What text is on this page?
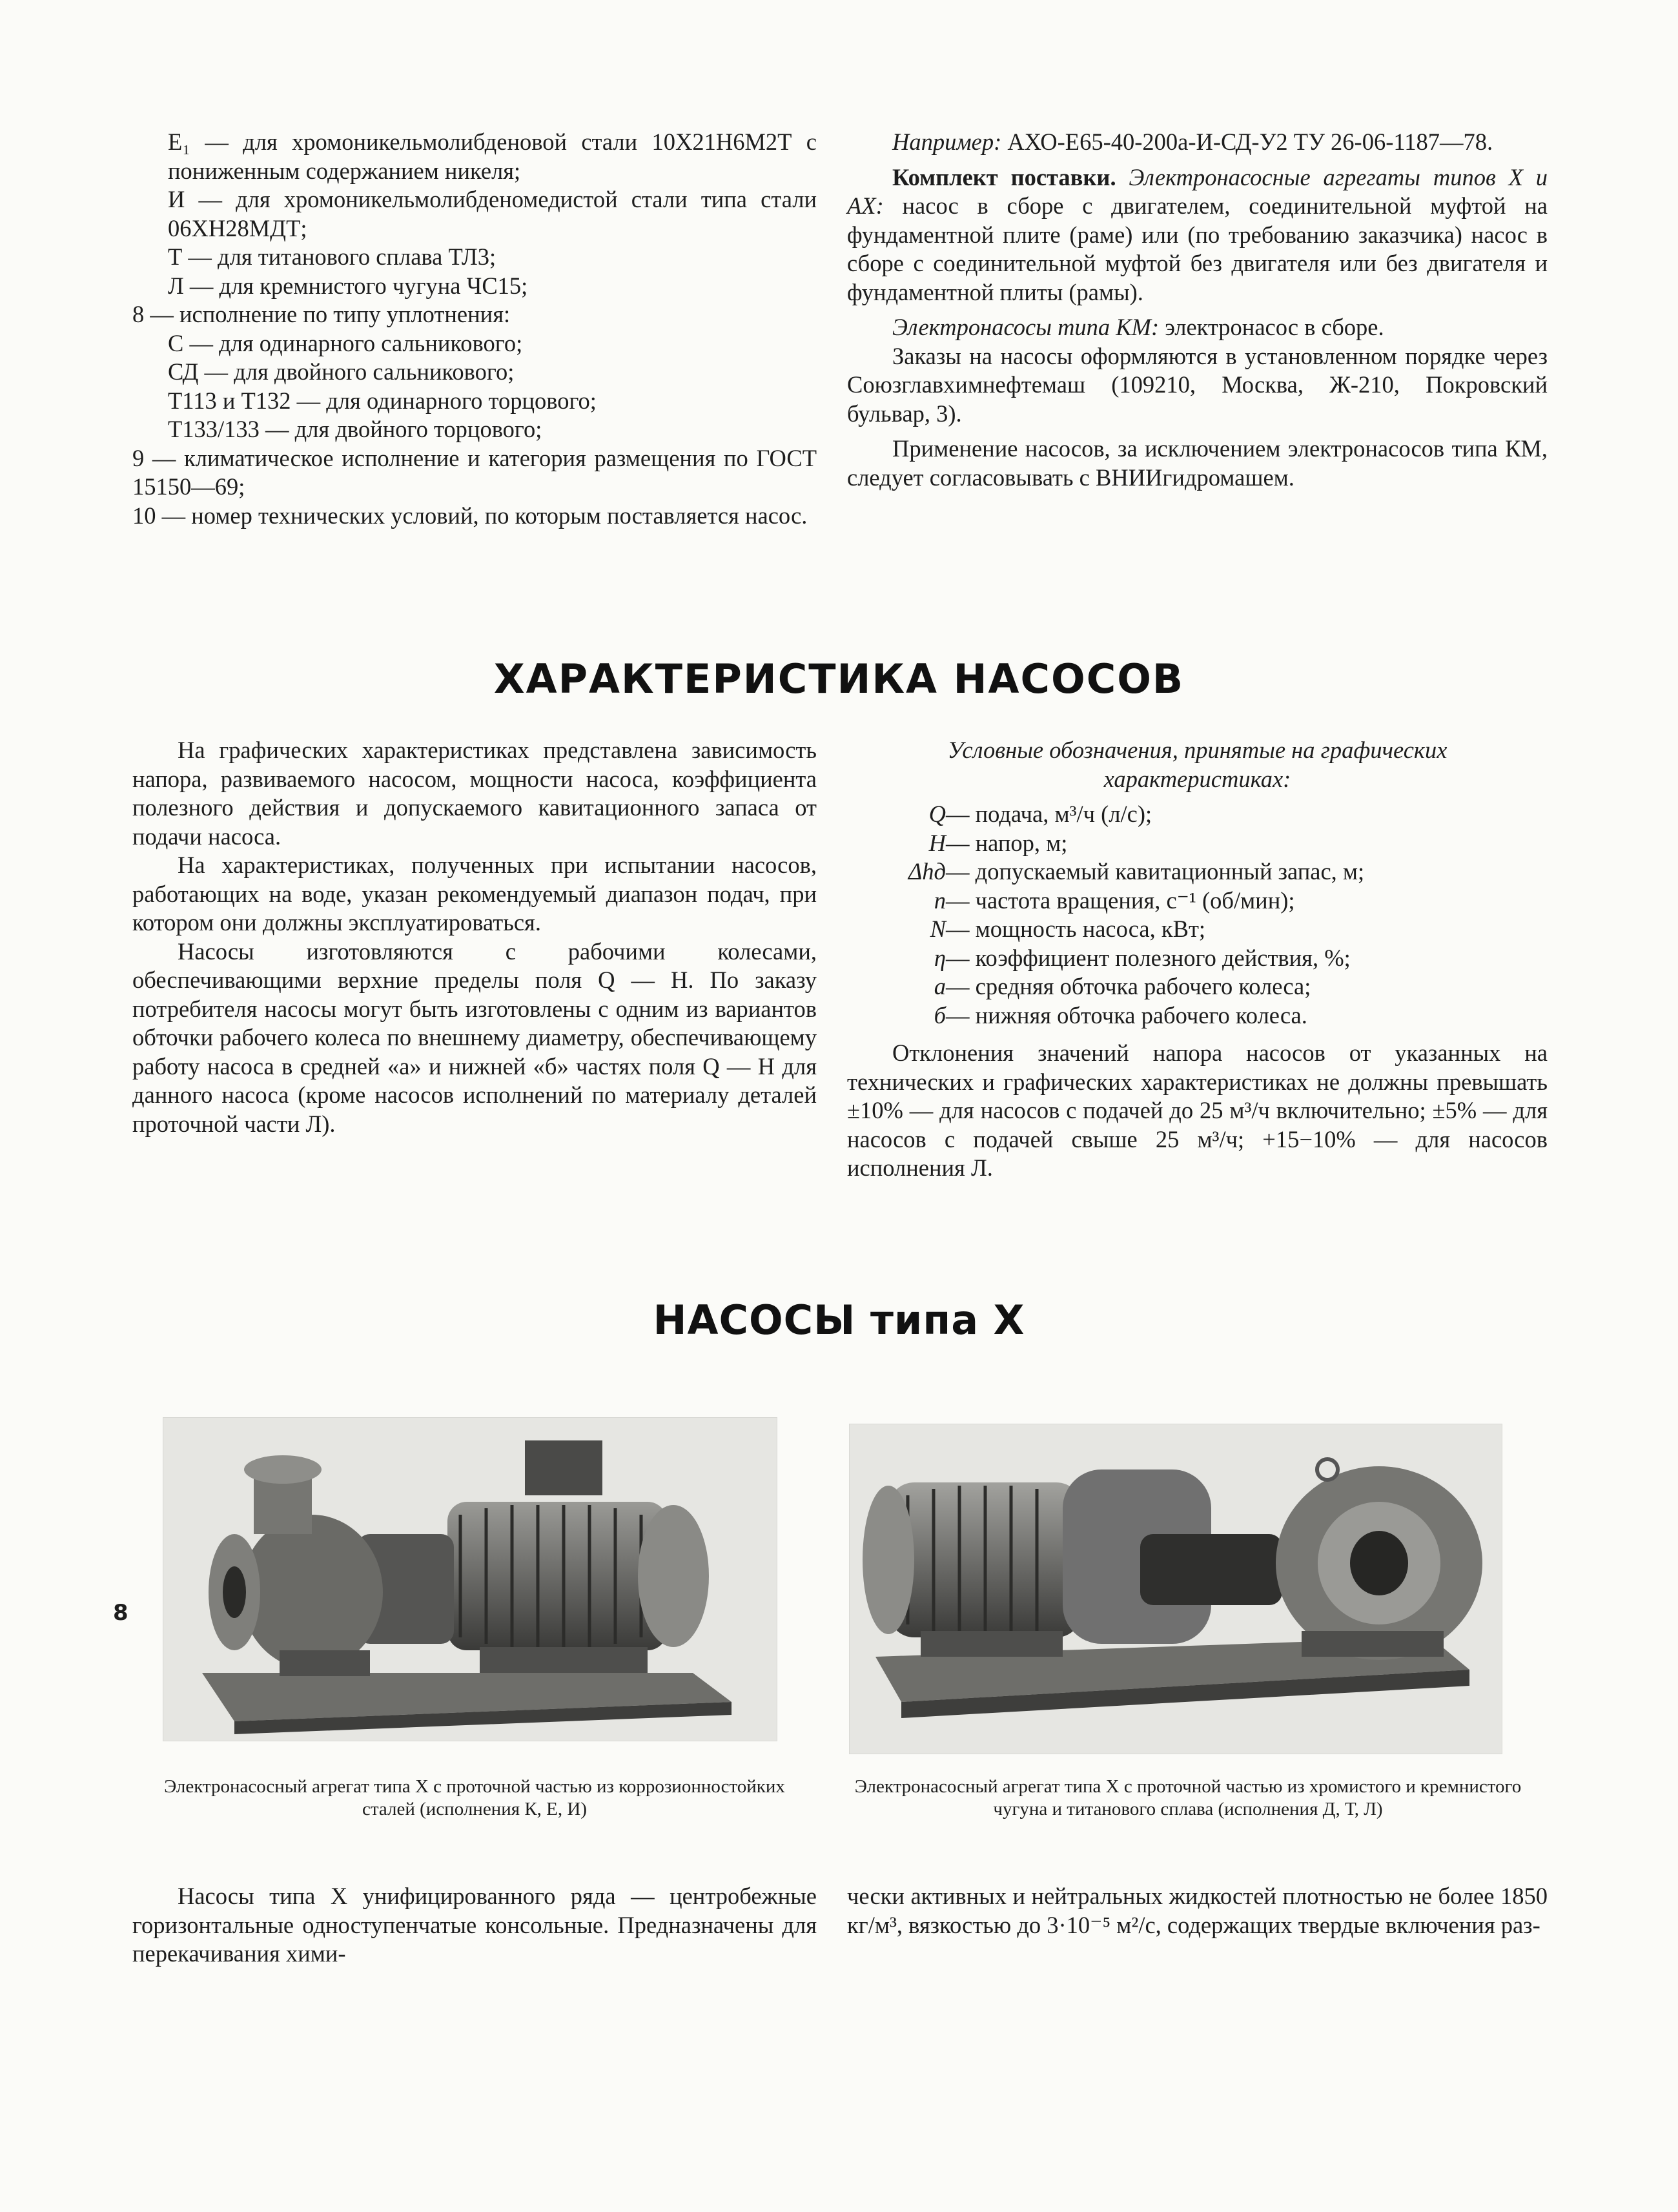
E₁ — для хромоникельмолибденовой стали 10Х21Н6М2Т с пониженным содержанием никеля;

И — для хромоникельмолибденомедистой стали типа стали 06ХН28МДТ;

Т — для титанового сплава ТЛ3;

Л — для кремнистого чугуна ЧС15;

8 — исполнение по типу уплотнения:

С — для одинарного сальникового;

СД — для двойного сальникового;

Т113 и Т132 — для одинарного торцового;

Т133/133 — для двойного торцового;

9 — климатическое исполнение и категория размещения по ГОСТ 15150—69;

10 — номер технических условий, по которым поставляется насос.

Например: АХО-Е65-40-200а-И-СД-У2 ТУ 26-06-1187—78.

Комплект поставки. Электронасосные агрегаты типов Х и АХ: насос в сборе с двигателем, соединительной муфтой на фундаментной плите (раме) или (по требованию заказчика) насос в сборе с соединительной муфтой без двигателя или без двигателя и фундаментной плиты (рамы).

Электронасосы типа КМ: электронасос в сборе.

Заказы на насосы оформляются в установленном порядке через Союзглавхимнефтемаш (109210, Москва, Ж-210, Покровский бульвар, 3).

Применение насосов, за исключением электронасосов типа КМ, следует согласовывать с ВНИИгидромашем.

ХАРАКТЕРИСТИКА НАСОСОВ

На графических характеристиках представлена зависимость напора, развиваемого насосом, мощности насоса, коэффициента полезного действия и допускаемого кавитационного запаса от подачи насоса.

На характеристиках, полученных при испытании насосов, работающих на воде, указан рекомендуемый диапазон подач, при котором они должны эксплуатироваться.

Насосы изготовляются с рабочими колесами, обеспечивающими верхние пределы поля Q — H. По заказу потребителя насосы могут быть изготовлены с одним из вариантов обточки рабочего колеса по внешнему диаметру, обеспечивающему работу насоса в средней «а» и нижней «б» частях поля Q — H для данного насоса (кроме насосов исполнений по материалу деталей проточной части Л).

Условные обозначения, принятые на графических характеристиках:

Q — подача, м³/ч (л/с);
H — напор, м;
Δhд — допускаемый кавитационный запас, м;
n — частота вращения, с⁻¹ (об/мин);
N — мощность насоса, кВт;
η — коэффициент полезного действия, %;
a — средняя обточка рабочего колеса;
б — нижняя обточка рабочего колеса.

Отклонения значений напора насосов от указанных на технических и графических характеристиках не должны превышать ±10% — для насосов с подачей до 25 м³/ч включительно; ±5% — для насосов с подачей свыше 25 м³/ч; +15−10% — для насосов исполнения Л.

НАСОСЫ типа Х
Электронасосный агрегат типа Х с проточной частью из коррозионностойких сталей (исполнения К, Е, И)
Электронасосный агрегат типа Х с проточной частью из хромистого и кремнистого чугуна и титанового сплава (исполнения Д, Т, Л)

Насосы типа Х унифицированного ряда — центробежные горизонтальные одноступенчатые консольные. Предназначены для перекачивания хими-

чески активных и нейтральных жидкостей плотностью не более 1850 кг/м³, вязкостью до 3·10⁻⁵ м²/с, содержащих твердые включения раз-

8
